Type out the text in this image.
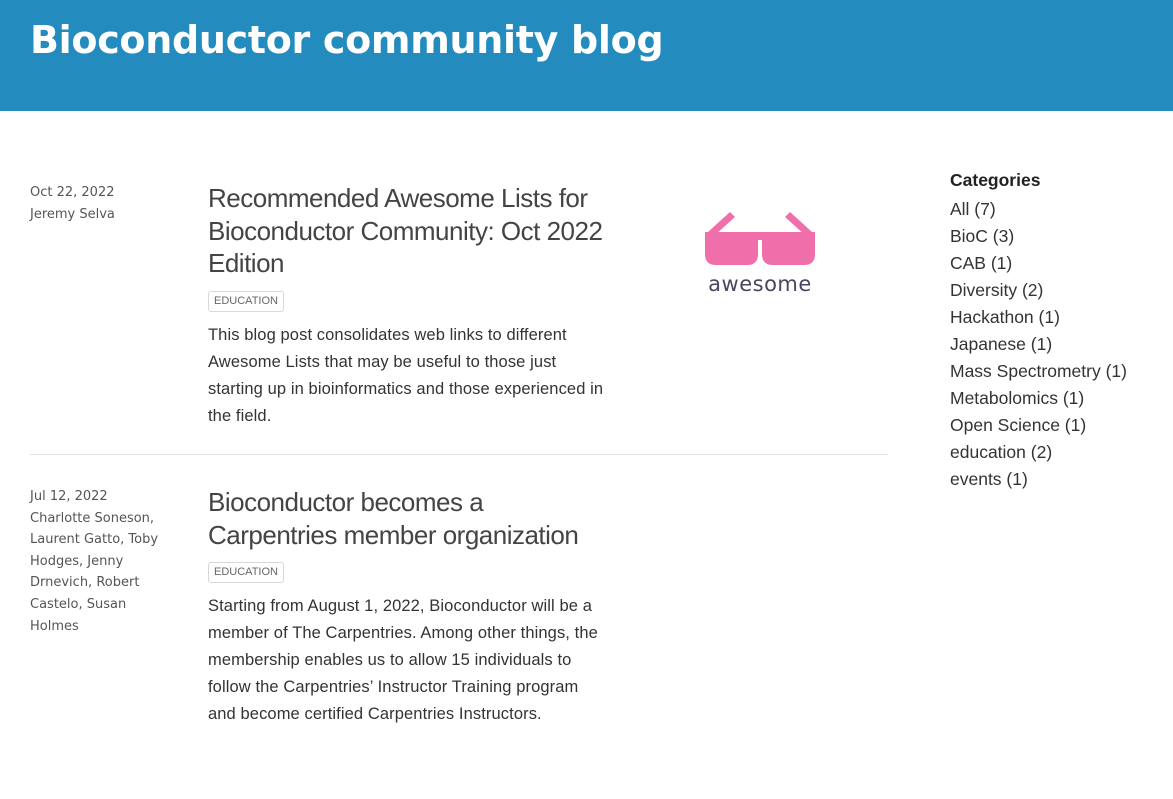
Bioconductor community blog
Oct 22, 2022
Jeremy Selva
Recommended Awesome Lists for Bioconductor Community: Oct 2022 Edition
EDUCATION

This blog post consolidates web links to different Awesome Lists that may be useful to those just starting up in bioinformatics and those experienced in the field.

awesome
Jul 12, 2022
Charlotte Soneson, Laurent Gatto, Toby Hodges, Jenny Drnevich, Robert Castelo, Susan Holmes
Bioconductor becomes a Carpentries member organization
EDUCATION

Starting from August 1, 2022, Bioconductor will be a member of The Carpentries. Among other things, the membership enables us to allow 15 individuals to follow the Carpentries’ Instructor Training program and become certified Carpentries Instructors.

Categories
All (7)
BioC (3)
CAB (1)
Diversity (2)
Hackathon (1)
Japanese (1)
Mass Spectrometry (1)
Metabolomics (1)
Open Science (1)
education (2)
events (1)
